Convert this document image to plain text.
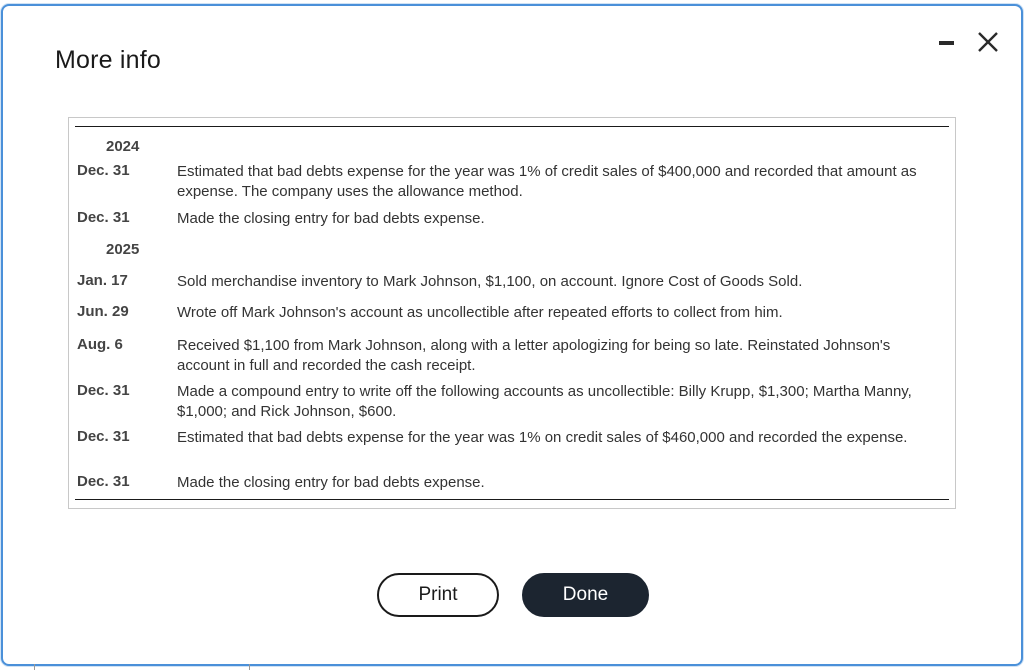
More info
2024
Dec. 31	Estimated that bad debts expense for the year was 1% of credit sales of $400,000 and recorded that amount as expense. The company uses the allowance method.
Dec. 31	Made the closing entry for bad debts expense.
2025
Jan. 17	Sold merchandise inventory to Mark Johnson, $1,100, on account. Ignore Cost of Goods Sold.
Jun. 29	Wrote off Mark Johnson's account as uncollectible after repeated efforts to collect from him.
Aug. 6	Received $1,100 from Mark Johnson, along with a letter apologizing for being so late. Reinstated Johnson's account in full and recorded the cash receipt.
Dec. 31	Made a compound entry to write off the following accounts as uncollectible: Billy Krupp, $1,300; Martha Manny, $1,000; and Rick Johnson, $600.
Dec. 31	Estimated that bad debts expense for the year was 1% on credit sales of $460,000 and recorded the expense.
Dec. 31	Made the closing entry for bad debts expense.
Print	Done
